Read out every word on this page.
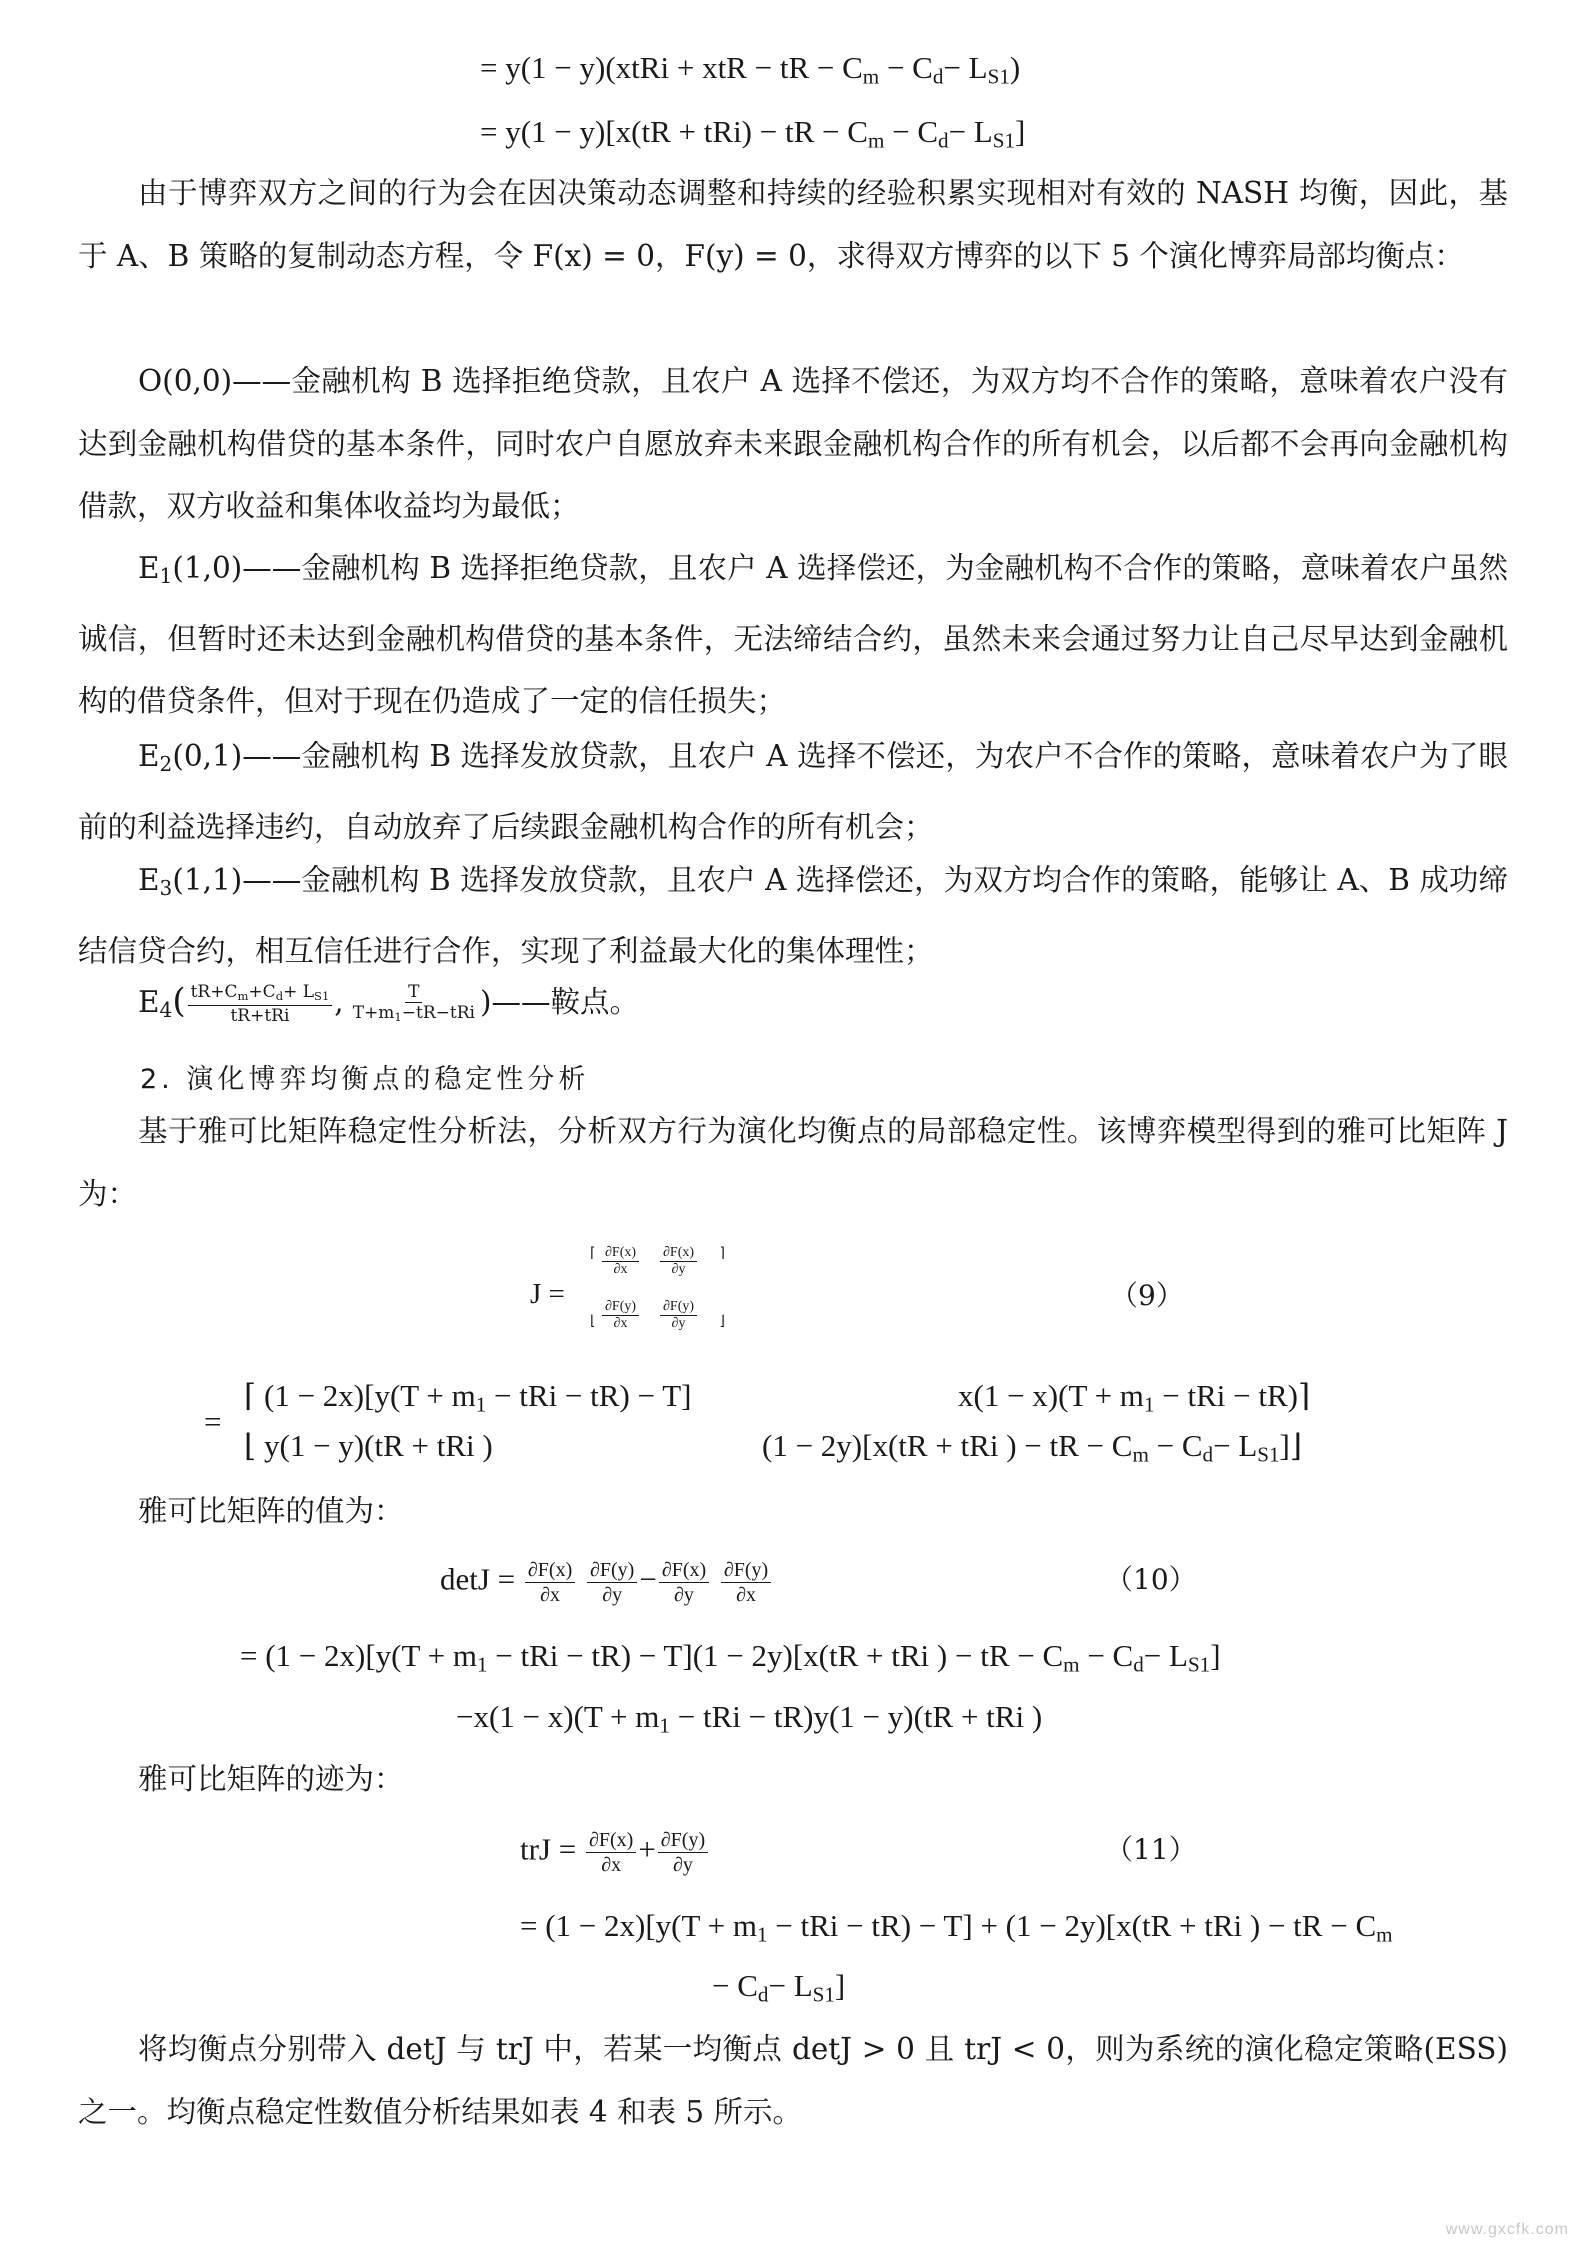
= y(1 − y)(xtRi + xtR − tR − $C_m - C_d- L_{S1}$)
= y(1 − y)[x(tR + tRi) − tR − $C_m - C_d- L_{S1}$]

由于博弈双方之间的行为会在因决策动态调整和持续的经验积累实现相对有效的 NASH 均衡，因此，基于 A、B 策略的复制动态方程，令 F(x) = 0，F(y) = 0，求得双方博弈的以下 5 个演化博弈局部均衡点：

O(0,0)——金融机构 B 选择拒绝贷款，且农户 A 选择不偿还，为双方均不合作的策略，意味着农户没有达到金融机构借贷的基本条件，同时农户自愿放弃未来跟金融机构合作的所有机会，以后都不会再向金融机构借款，双方收益和集体收益均为最低；

$E_1(1,0)——$金融机构 B 选择拒绝贷款，且农户 A 选择偿还，为金融机构不合作的策略，意味着农户虽然诚信，但暂时还未达到金融机构借贷的基本条件，无法缔结合约，虽然未来会通过努力让自己尽早达到金融机构的借贷条件，但对于现在仍造成了一定的信任损失；

$E_2(0,1)——$金融机构 B 选择发放贷款，且农户 A 选择不偿还，为农户不合作的策略，意味着农户为了眼前的利益选择违约，自动放弃了后续跟金融机构合作的所有机会；

$E_3(1,1)——$金融机构 B 选择发放贷款，且农户 A 选择偿还，为双方均合作的策略，能够让 A、B 成功缔结信贷合约，相互信任进行合作，实现了利益最大化的集体理性；

$E_4( \frac{tR+C_m+C_d+ L_{S1}}{\text{tR+tRi}}$ , $\frac{T}{T+m_1-tR-tRi}$ )——鞍点。
2. 演化博弈均衡点的稳定性分析

基于雅可比矩阵稳定性分析法，分析双方行为演化均衡点的局部稳定性。该博弈模型得到的雅可比矩阵 J 为：

J =
⌈
⌊
⌉
⌋
$\frac{\partial F(x)}{\partial x} \frac{\partial F(x)}{\partial y}$
$\frac{\partial F(y)}{\partial x} \frac{\partial F(y)}{\partial y}$
（9）
=
⌈
⌊
$(1 - 2x)[y(T + m_1$ − tRi − tR) − T]	$x(1 - x)(T + m_1$ − tRi − tR)⌉
y(1 − y)(tR + tRi )	(1 − 2y)[x(tR + tRi ) − tR − $C_m - C_d-$ $L_{S1}]⌋$

雅可比矩阵的值为：

$\det J = \frac{\partial F(x)}{\partial x}$
$\frac{\partial F(y)}{\partial y} - \frac{\partial F(x)}{\partial y}$
$\frac{\partial F(y)}{\partial x}$	（10）
= $(1 - 2x)[y(T + m_1$ − tRi − tR) − T](1 − 2y)[x(tR + tRi ) − tR − $C_m - C_d- L_{S1}$]
$-x(1 - x)(T + m_1$ − tRi − tR)y(1 − y)(tR + tRi )

雅可比矩阵的迹为：

trJ = $\frac{\partial F(x)}{\partial x} + \frac{\partial F(y)}{\partial y}$	（11）
= $(1 - 2x)[y(T + m_1$ − tRi − tR) − T] + (1 − 2y)[x(tR + tRi ) − tR − $C_m$
− $C_d- L_{S1}$]

将均衡点分别带入 detJ 与 trJ 中，若某一均衡点 detJ > 0 且 trJ < 0，则为系统的演化稳定策略(ESS)之一。均衡点稳定性数值分析结果如表 4 和表 5 所示。

www.gxcfk.com
